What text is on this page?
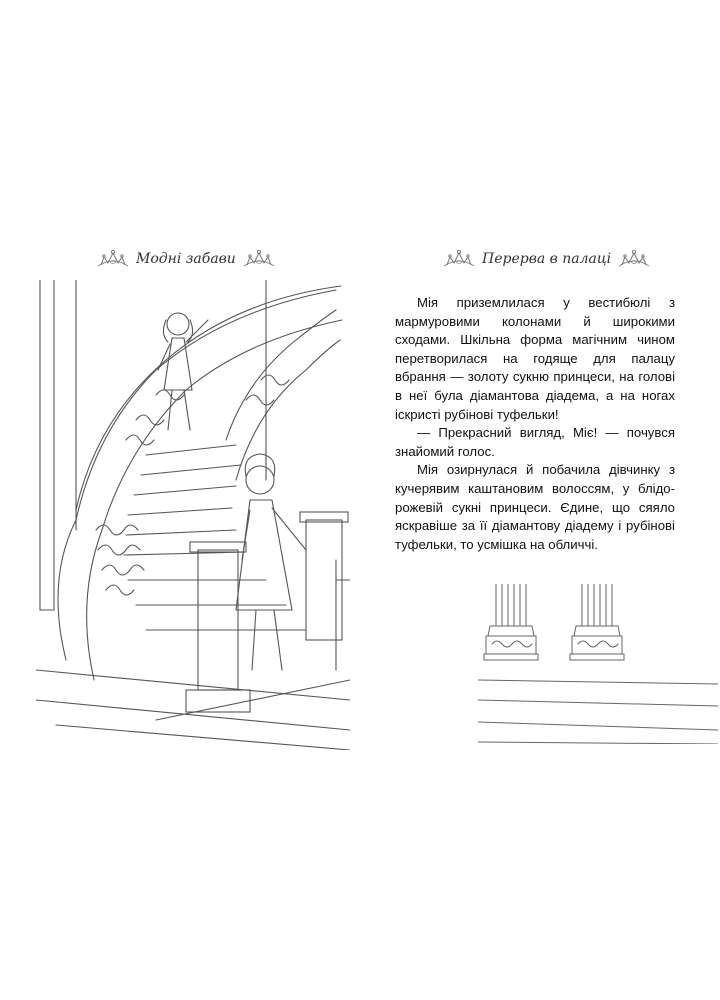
Модні забави	Перерва в палаці

Мія приземлилася у вестибюлі з мармуровими колонами й широкими сходами. Шкільна форма магічним чином перетворилася на годяще для палацу вбрання — золоту сукню принцеси, на голові в неї була діамантова діадема, а на ногах іскристі рубінові туфельки!

— Прекрасний вигляд, Міє! — почувся знайомий голос.

Мія озирнулася й побачила дівчинку з кучерявим каштановим волоссям, у блідо-рожевій сукні принцеси. Єдине, що сяяло яскравіше за її діамантову діадему і рубінові туфельки, то усмішка на обличчі.
